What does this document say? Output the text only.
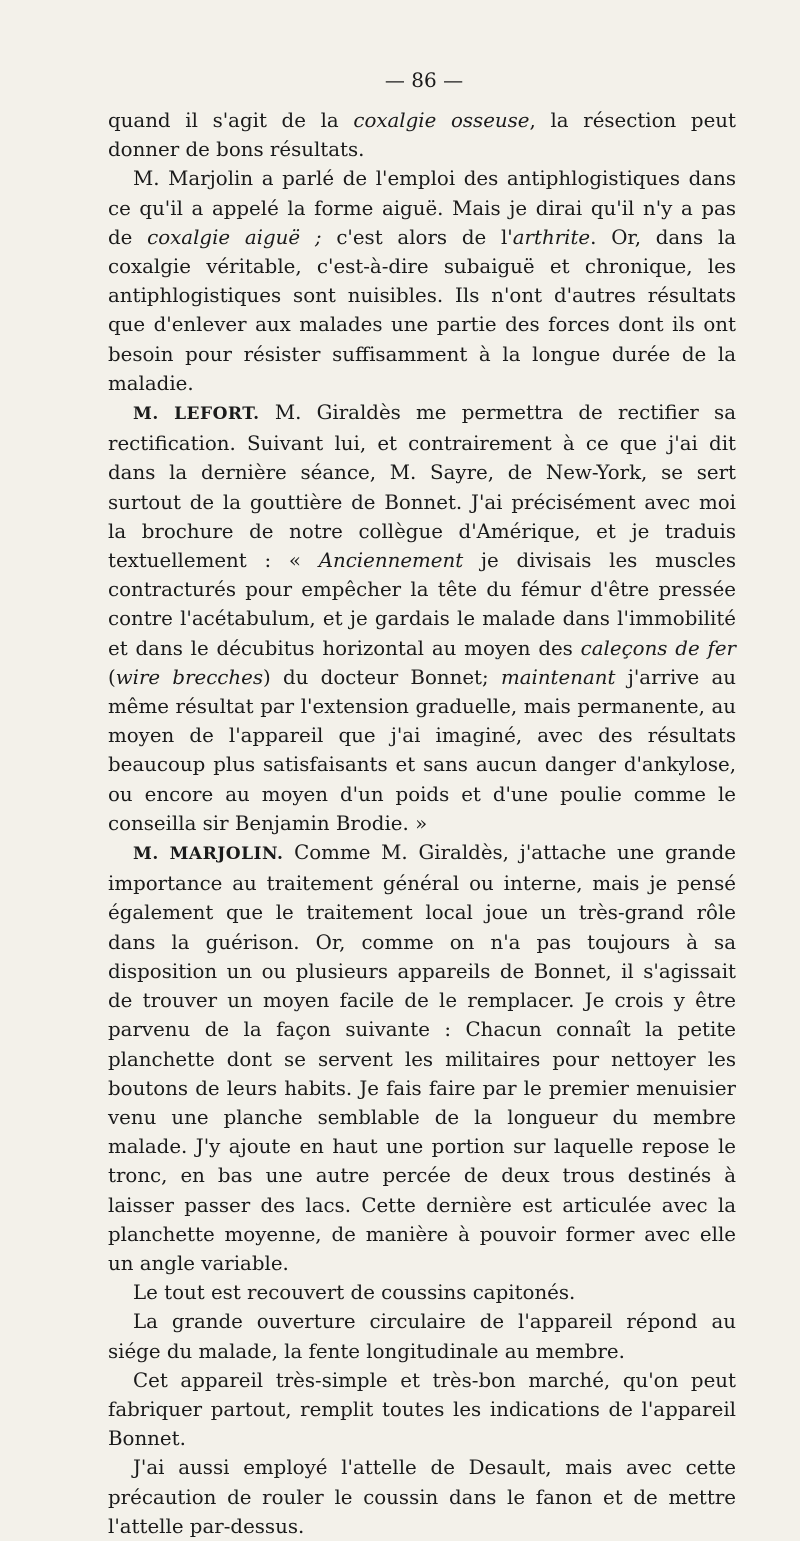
— 86 —

quand il s'agit de la coxalgie osseuse, la résection peut donner de bons résultats.

M. Marjolin a parlé de l'emploi des antiphlogistiques dans ce qu'il a appelé la forme aiguë. Mais je dirai qu'il n'y a pas de coxalgie aiguë ; c'est alors de l'arthrite. Or, dans la coxalgie véritable, c'est-à-dire subaiguë et chronique, les antiphlogistiques sont nuisibles. Ils n'ont d'autres résultats que d'enlever aux malades une partie des forces dont ils ont besoin pour résister suffisamment à la longue durée de la maladie.

M. LEFORT. M. Giraldès me permettra de rectifier sa rectification. Suivant lui, et contrairement à ce que j'ai dit dans la dernière séance, M. Sayre, de New-York, se sert surtout de la gouttière de Bonnet. J'ai précisément avec moi la brochure de notre collègue d'Amérique, et je traduis textuellement : « Anciennement je divisais les muscles contracturés pour empêcher la tête du fémur d'être pressée contre l'acétabulum, et je gardais le malade dans l'immobilité et dans le décubitus horizontal au moyen des caleçons de fer (wire brecches) du docteur Bonnet; maintenant j'arrive au même résultat par l'extension graduelle, mais permanente, au moyen de l'appareil que j'ai imaginé, avec des résultats beaucoup plus satisfaisants et sans aucun danger d'ankylose, ou encore au moyen d'un poids et d'une poulie comme le conseilla sir Benjamin Brodie. »

M. MARJOLIN. Comme M. Giraldès, j'attache une grande importance au traitement général ou interne, mais je pensé également que le traitement local joue un très-grand rôle dans la guérison. Or, comme on n'a pas toujours à sa disposition un ou plusieurs appareils de Bonnet, il s'agissait de trouver un moyen facile de le remplacer. Je crois y être parvenu de la façon suivante : Chacun connaît la petite planchette dont se servent les militaires pour nettoyer les boutons de leurs habits. Je fais faire par le premier menuisier venu une planche semblable de la longueur du membre malade. J'y ajoute en haut une portion sur laquelle repose le tronc, en bas une autre percée de deux trous destinés à laisser passer des lacs. Cette dernière est articulée avec la planchette moyenne, de manière à pouvoir former avec elle un angle variable.

Le tout est recouvert de coussins capitonés.

La grande ouverture circulaire de l'appareil répond au siége du malade, la fente longitudinale au membre.

Cet appareil très-simple et très-bon marché, qu'on peut fabriquer partout, remplit toutes les indications de l'appareil Bonnet.

J'ai aussi employé l'attelle de Desault, mais avec cette précaution de rouler le coussin dans le fanon et de mettre l'attelle par-dessus.
